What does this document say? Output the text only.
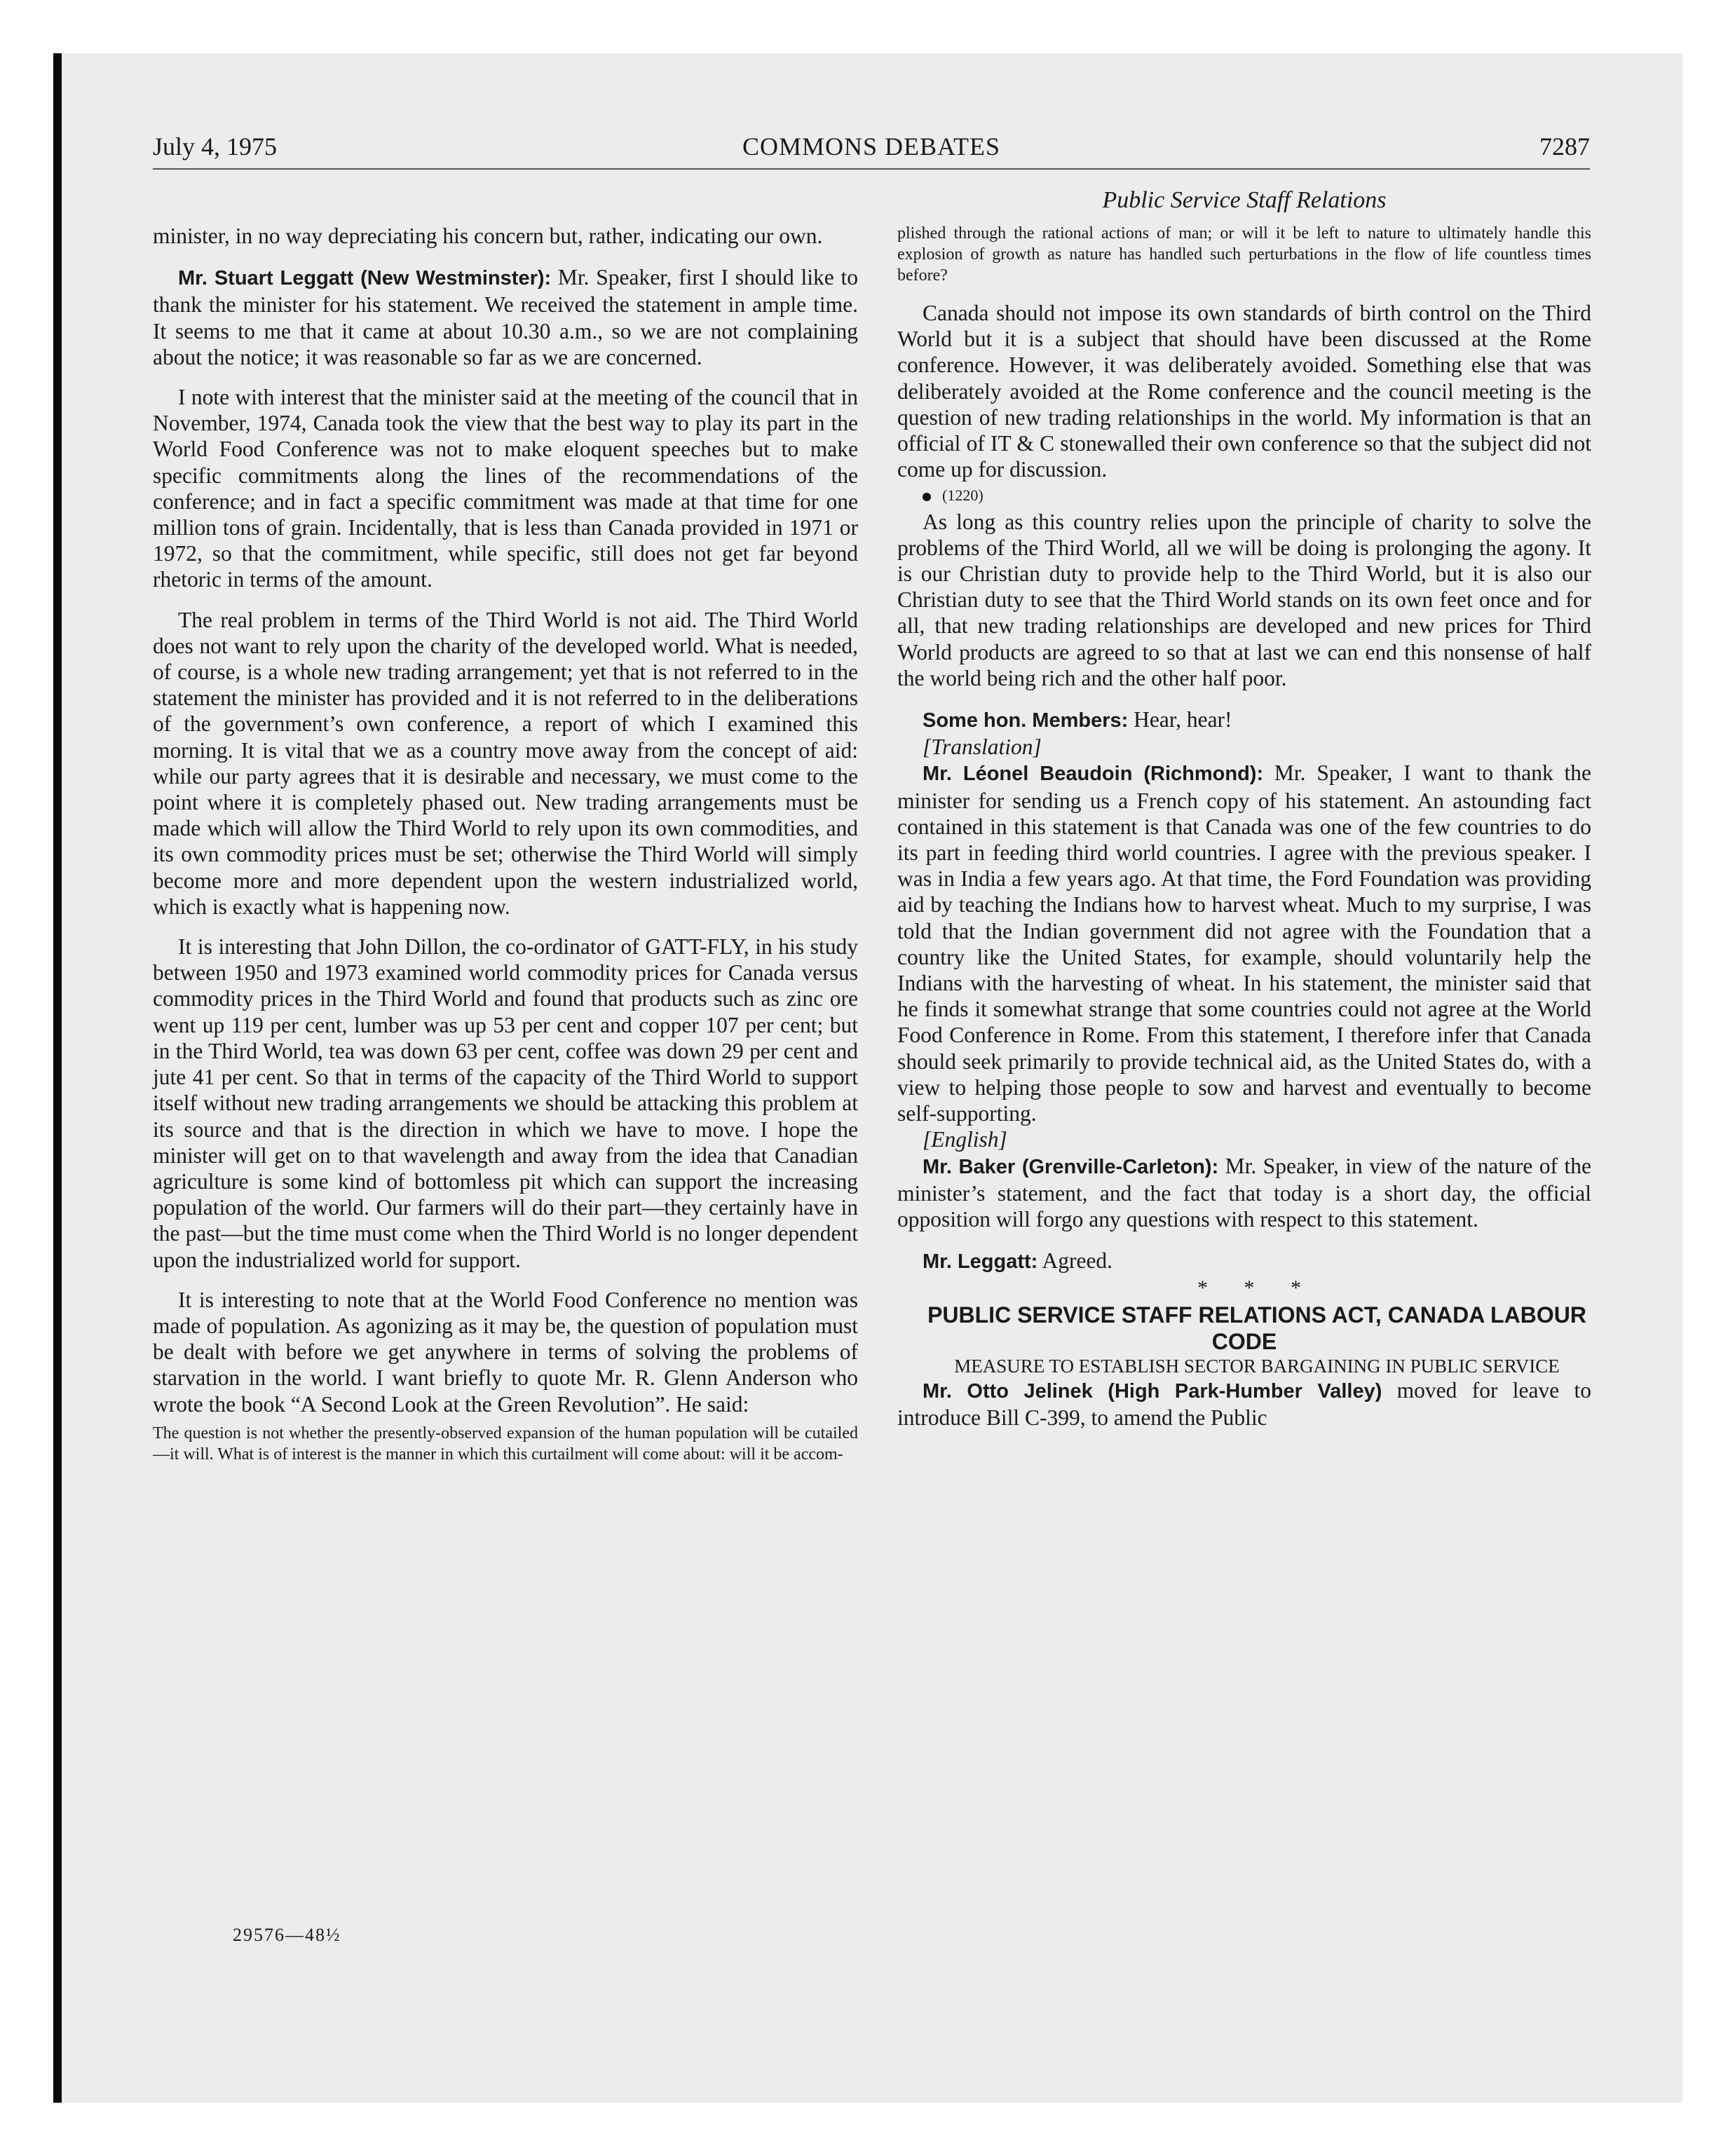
July 4, 1975	COMMONS DEBATES	7287
Public Service Staff Relations

minister, in no way depreciating his concern but, rather, indicating our own.

Mr. Stuart Leggatt (New Westminster): Mr. Speaker, first I should like to thank the minister for his statement. We received the statement in ample time. It seems to me that it came at about 10.30 a.m., so we are not complaining about the notice; it was reasonable so far as we are concerned.

I note with interest that the minister said at the meeting of the council that in November, 1974, Canada took the view that the best way to play its part in the World Food Conference was not to make eloquent speeches but to make specific commitments along the lines of the recommendations of the conference; and in fact a specific commitment was made at that time for one million tons of grain. Incidentally, that is less than Canada provided in 1971 or 1972, so that the commitment, while specific, still does not get far beyond rhetoric in terms of the amount.

The real problem in terms of the Third World is not aid. The Third World does not want to rely upon the charity of the developed world. What is needed, of course, is a whole new trading arrangement; yet that is not referred to in the statement the minister has provided and it is not referred to in the deliberations of the government’s own conference, a report of which I examined this morning. It is vital that we as a country move away from the concept of aid: while our party agrees that it is desirable and necessary, we must come to the point where it is completely phased out. New trading arrangements must be made which will allow the Third World to rely upon its own commodities, and its own commodity prices must be set; otherwise the Third World will simply become more and more dependent upon the western industrialized world, which is exactly what is happening now.

It is interesting that John Dillon, the co-ordinator of GATT-FLY, in his study between 1950 and 1973 examined world commodity prices for Canada versus commodity prices in the Third World and found that products such as zinc ore went up 119 per cent, lumber was up 53 per cent and copper 107 per cent; but in the Third World, tea was down 63 per cent, coffee was down 29 per cent and jute 41 per cent. So that in terms of the capacity of the Third World to support itself without new trading arrangements we should be attacking this problem at its source and that is the direction in which we have to move. I hope the minister will get on to that wavelength and away from the idea that Canadian agriculture is some kind of bottomless pit which can support the increasing population of the world. Our farmers will do their part—they certainly have in the past—but the time must come when the Third World is no longer dependent upon the industrialized world for support.

It is interesting to note that at the World Food Conference no mention was made of population. As agonizing as it may be, the question of population must be dealt with before we get anywhere in terms of solving the problems of starvation in the world. I want briefly to quote Mr. R. Glenn Anderson who wrote the book “A Second Look at the Green Revolution”. He said:

The question is not whether the presently-observed expansion of the human population will be cutailed—it will. What is of interest is the manner in which this curtailment will come about: will it be accom-

plished through the rational actions of man; or will it be left to nature to ultimately handle this explosion of growth as nature has handled such perturbations in the flow of life countless times before?

Canada should not impose its own standards of birth control on the Third World but it is a subject that should have been discussed at the Rome conference. However, it was deliberately avoided. Something else that was deliberately avoided at the Rome conference and the council meeting is the question of new trading relationships in the world. My information is that an official of IT & C stonewalled their own conference so that the subject did not come up for discussion.

(1220)

As long as this country relies upon the principle of charity to solve the problems of the Third World, all we will be doing is prolonging the agony. It is our Christian duty to provide help to the Third World, but it is also our Christian duty to see that the Third World stands on its own feet once and for all, that new trading relationships are developed and new prices for Third World products are agreed to so that at last we can end this nonsense of half the world being rich and the other half poor.

Some hon. Members: Hear, hear!

[Translation]

Mr. Léonel Beaudoin (Richmond): Mr. Speaker, I want to thank the minister for sending us a French copy of his statement. An astounding fact contained in this statement is that Canada was one of the few countries to do its part in feeding third world countries. I agree with the previous speaker. I was in India a few years ago. At that time, the Ford Foundation was providing aid by teaching the Indians how to harvest wheat. Much to my surprise, I was told that the Indian government did not agree with the Foundation that a country like the United States, for example, should voluntarily help the Indians with the harvesting of wheat. In his statement, the minister said that he finds it somewhat strange that some countries could not agree at the World Food Conference in Rome. From this statement, I therefore infer that Canada should seek primarily to provide technical aid, as the United States do, with a view to helping those people to sow and harvest and eventually to become self-supporting.

[English]

Mr. Baker (Grenville-Carleton): Mr. Speaker, in view of the nature of the minister’s statement, and the fact that today is a short day, the official opposition will forgo any questions with respect to this statement.

Mr. Leggatt: Agreed.

* * *

PUBLIC SERVICE STAFF RELATIONS ACT, CANADA LABOUR CODE

MEASURE TO ESTABLISH SECTOR BARGAINING IN PUBLIC SERVICE

Mr. Otto Jelinek (High Park-Humber Valley) moved for leave to introduce Bill C-399, to amend the Public

29576—48½
